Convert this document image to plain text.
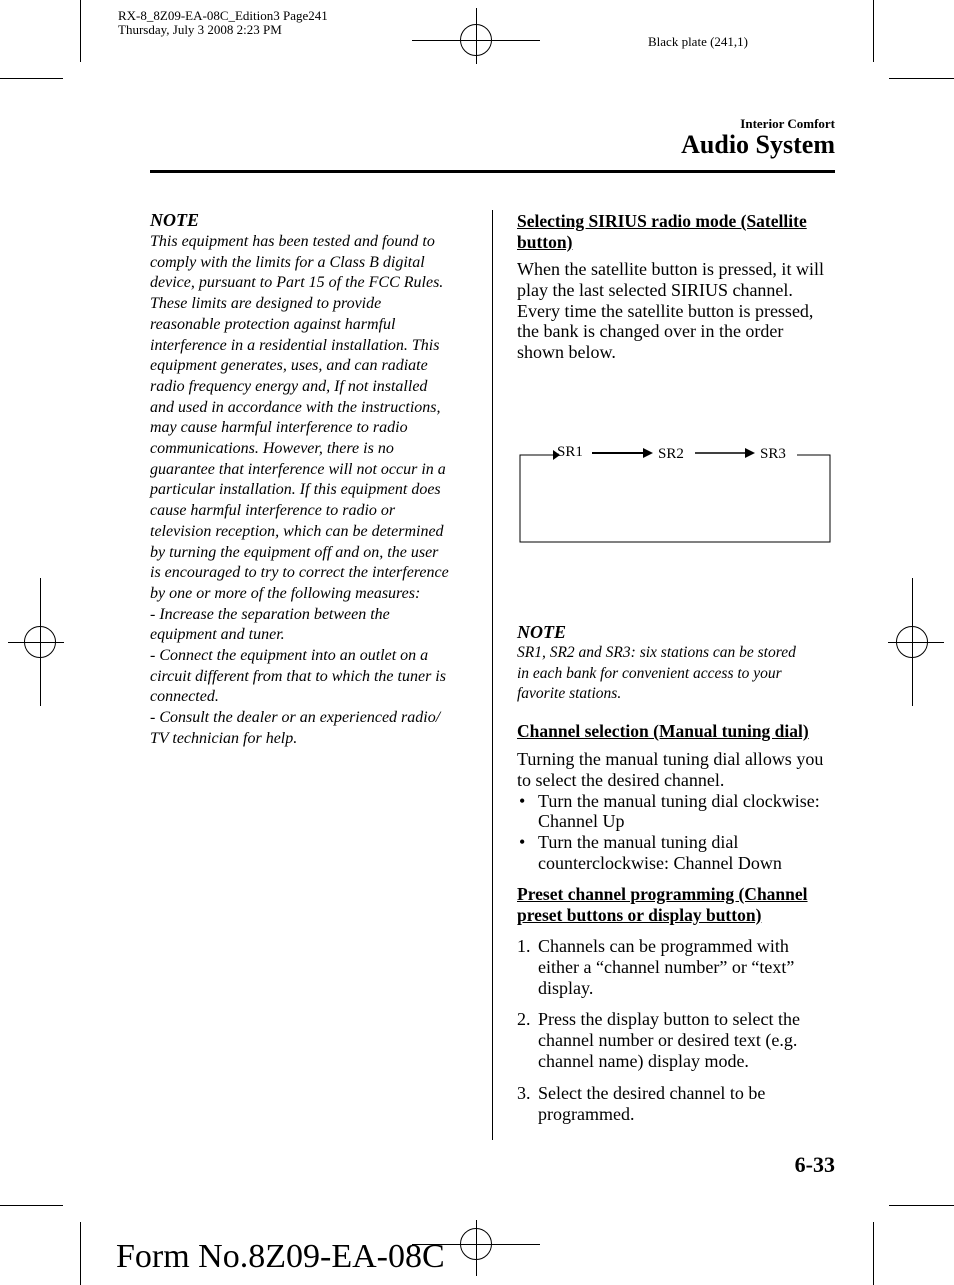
RX-8_8Z09-EA-08C_Edition3 Page241
Thursday, July 3 2008 2:23 PM
Black plate (241,1)
Interior Comfort
Audio System
NOTE

This equipment has been tested and found to

comply with the limits for a Class B digital

device, pursuant to Part 15 of the FCC Rules.

These limits are designed to provide

reasonable protection against harmful

interference in a residential installation. This

equipment generates, uses, and can radiate

radio frequency energy and, If not installed

and used in accordance with the instructions,

may cause harmful interference to radio

communications. However, there is no

guarantee that interference will not occur in a

particular installation. If this equipment does

cause harmful interference to radio or

television reception, which can be determined

by turning the equipment off and on, the user

is encouraged to try to correct the interference

by one or more of the following measures:

- Increase the separation between the

equipment and tuner.

- Connect the equipment into an outlet on a

circuit different from that to which the tuner is

connected.

- Consult the dealer or an experienced radio/

TV technician for help.

Selecting SIRIUS radio mode (Satellite
button)
When the satellite button is pressed, it will
play the last selected SIRIUS channel.
Every time the satellite button is pressed,
the bank is changed over in the order
shown below.
SR1	SR2	SR3
NOTE

SR1, SR2 and SR3: six stations can be stored

in each bank for convenient access to your

favorite stations.

Channel selection (Manual tuning dial)
Turning the manual tuning dial allows you
to select the desired channel.
• Turn the manual tuning dial clockwise:
Channel Up
• Turn the manual tuning dial
counterclockwise: Channel Down
Preset channel programming (Channel
preset buttons or display button)
1. Channels can be programmed with
either a “channel number” or “text”
display.
2. Press the display button to select the
channel number or desired text (e.g.
channel name) display mode.
3. Select the desired channel to be
programmed.
6-33
Form No.8Z09-EA-08C
